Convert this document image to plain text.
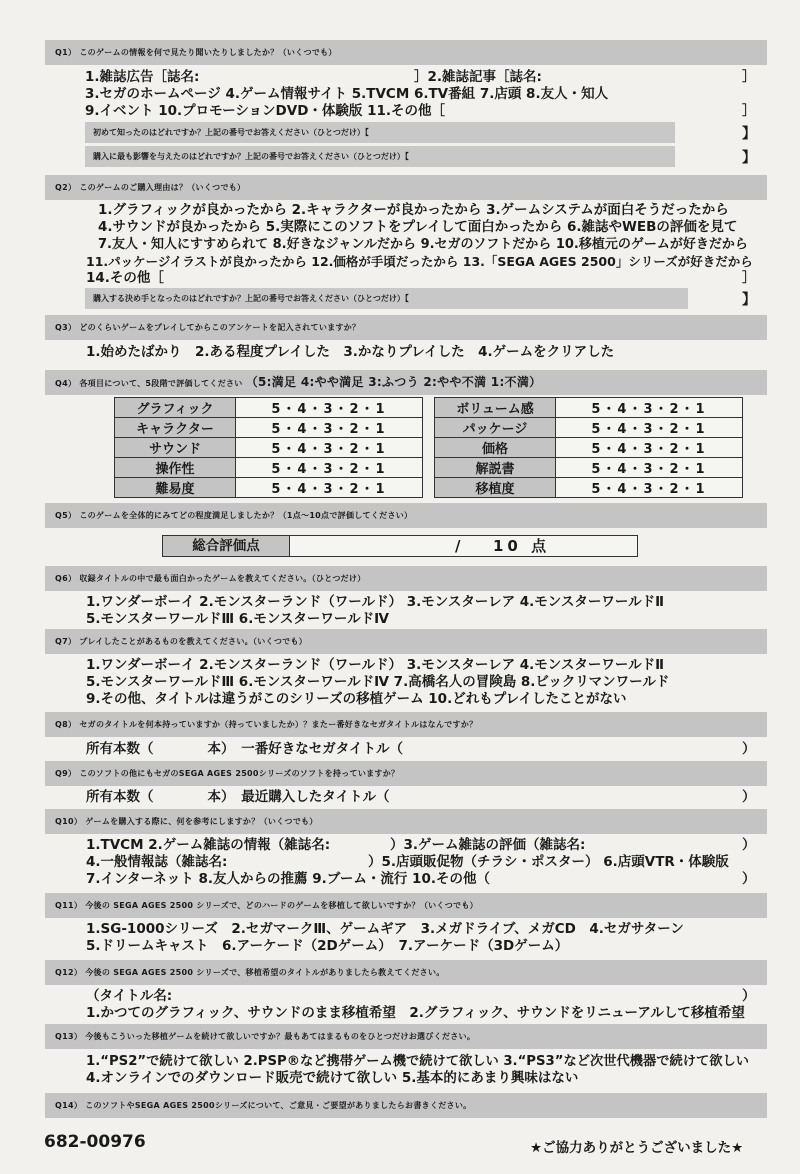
Q1） このゲームの情報を何で見たり聞いたりしましたか？（いくつでも）
1.雑誌広告［誌名:	］2.雑誌記事［誌名:	］
3.セガのホームページ 4.ゲーム情報サイト 5.TVCM 6.TV番組 7.店頭 8.友人・知人
9.イベント 10.プロモーションDVD・体験版 11.その他［	］
初めて知ったのはどれですか？上記の番号でお答えください（ひとつだけ）【	】
購入に最も影響を与えたのはどれですか？上記の番号でお答えください（ひとつだけ）【	】
Q2） このゲームのご購入理由は？（いくつでも）
1.グラフィックが良かったから 2.キャラクターが良かったから 3.ゲームシステムが面白そうだったから
4.サウンドが良かったから 5.実際にこのソフトをプレイして面白かったから 6.雑誌やWEBの評価を見て
7.友人・知人にすすめられて 8.好きなジャンルだから 9.セガのソフトだから 10.移植元のゲームが好きだから
11.パッケージイラストが良かったから 12.価格が手頃だったから 13.「SEGA AGES 2500」シリーズが好きだから
14.その他［	］
購入する決め手となったのはどれですか？上記の番号でお答えください（ひとつだけ）【	】
Q3） どのくらいゲームをプレイしてからこのアンケートを記入されていますか？
1.始めたばかり　2.ある程度プレイした　3.かなりプレイした　4.ゲームをクリアした
Q4） 各項目について、5段階で評価してください （5:満足 4:やや満足 3:ふつう 2:やや不満 1:不満）
グラフィック	5・4・3・2・1
キャラクター	5・4・3・2・1
サウンド	5・4・3・2・1
操作性	5・4・3・2・1
難易度	5・4・3・2・1
ボリューム感	5・4・3・2・1
パッケージ	5・4・3・2・1
価格	5・4・3・2・1
解説書	5・4・3・2・1
移植度	5・4・3・2・1
Q5） このゲームを全体的にみてどの程度満足しましたか？（1点〜10点で評価してください）
総合評価点	/ 10 点
Q6） 収録タイトルの中で最も面白かったゲームを教えてください。（ひとつだけ）
1.ワンダーボーイ 2.モンスターランド（ワールド） 3.モンスターレア 4.モンスターワールドⅡ
5.モンスターワールドⅢ 6.モンスターワールドⅣ
Q7） プレイしたことがあるものを教えてください。（いくつでも）
1.ワンダーボーイ 2.モンスターランド（ワールド） 3.モンスターレア 4.モンスターワールドⅡ
5.モンスターワールドⅢ 6.モンスターワールドⅣ 7.高橋名人の冒険島 8.ビックリマンワールド
9.その他、タイトルは違うがこのシリーズの移植ゲーム 10.どれもプレイしたことがない
Q8） セガのタイトルを何本持っていますか（持っていましたか）？またー番好きなセガタイトルはなんですか？
所有本数（　　　　本）　一番好きなセガタイトル（	）
Q9） このソフトの他にもセガのSEGA AGES 2500シリーズのソフトを持っていますか？
所有本数（　　　　本）　最近購入したタイトル（	）
Q10） ゲームを購入する際に、何を参考にしますか？（いくつでも）
1.TVCM 2.ゲーム雑誌の情報（雑誌名:	）3.ゲーム雑誌の評価（雑誌名:	）
4.一般情報誌（雑誌名:	）5.店頭販促物（チラシ・ポスター） 6.店頭VTR・体験版
7.インターネット 8.友人からの推薦 9.ブーム・流行 10.その他（	）
Q11） 今後の SEGA AGES 2500 シリーズで、どのハードのゲームを移植して欲しいですか？（いくつでも）
1.SG-1000シリーズ　2.セガマークⅢ、ゲームギア　3.メガドライブ、メガCD　4.セガサターン
5.ドリームキャスト　6.アーケード（2Dゲーム）　7.アーケード（3Dゲーム）
Q12） 今後の SEGA AGES 2500 シリーズで、移植希望のタイトルがありましたら教えてください。
（タイトル名:	）
1.かつてのグラフィック、サウンドのまま移植希望　2.グラフィック、サウンドをリニューアルして移植希望
Q13） 今後もこういった移植ゲームを続けて欲しいですか？最もあてはまるものをひとつだけお選びください。
1.“PS2”で続けて欲しい 2.PSP®など携帯ゲーム機で続けて欲しい 3.“PS3”など次世代機器で続けて欲しい
4.オンラインでのダウンロード販売で続けて欲しい 5.基本的にあまり興味はない
Q14） このソフトやSEGA AGES 2500シリーズについて、ご意見・ご要望がありましたらお書きください。
682-00976	★ご協力ありがとうございました★
